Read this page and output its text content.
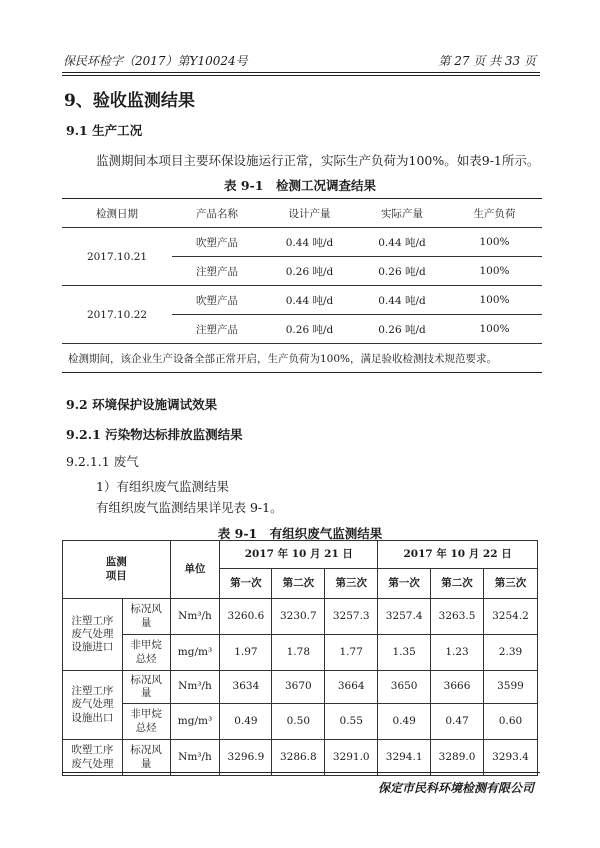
保民环检字（2017）第Y10024号	第 27 页 共 33 页
9、验收监测结果
9.1 生产工况
监测期间本项目主要环保设施运行正常，实际生产负荷为100%。如表9-1所示。
表 9-1　检测工况调查结果
检测日期	产品名称	设计产量	实际产量	生产负荷
2017.10.21	吹塑产品	0.44 吨/d	0.44 吨/d	100%
	注塑产品	0.26 吨/d	0.26 吨/d	100%
2017.10.22	吹塑产品	0.44 吨/d	0.44 吨/d	100%
	注塑产品	0.26 吨/d	0.26 吨/d	100%
检测期间，该企业生产设备全部正常开启，生产负荷为100%，满足验收检测技术规范要求。				
9.2 环境保护设施调试效果
9.2.1 污染物达标排放监测结果
9.2.1.1 废气
1）有组织废气监测结果
有组织废气监测结果详见表 9-1。
表 9-1　有组织废气监测结果
监测
项目		单位	2017 年 10 月 21 日			2017 年 10 月 22 日		
			第一次	第二次	第三次	第一次	第二次	第三次
注塑工序
废气处理
设施进口	标况风
量	Nm³/h	3260.6	3230.7	3257.3	3257.4	3263.5	3254.2
	非甲烷
总烃	mg/m³	1.97	1.78	1.77	1.35	1.23	2.39
注塑工序
废气处理
设施出口	标况风
量	Nm³/h	3634	3670	3664	3650	3666	3599
	非甲烷
总烃	mg/m³	0.49	0.50	0.55	0.49	0.47	0.60
吹塑工序
废气处理	标况风
量	Nm³/h	3296.9	3286.8	3291.0	3294.1	3289.0	3293.4
保定市民科环境检测有限公司
